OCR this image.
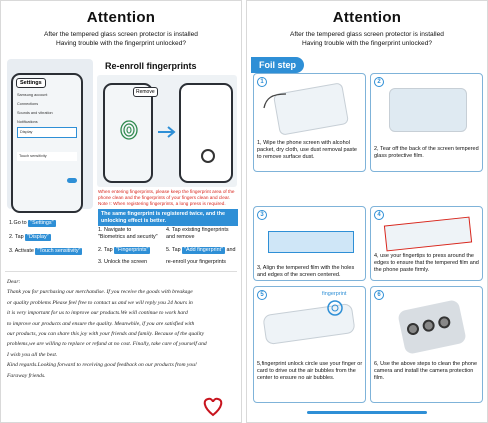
Attention
After the tempered glass screen protector is installed
Having trouble with the fingerprint unlocked?
Settings
Samsung account
Connections
Sounds and vibration
Notifications
Display
Touch sensitivity
Re-enroll fingerprints
Remove
When entering fingerprints, please keep the fingerprint area of the phone clean and the fingerprints of your fingers clean and clear. Note !: When registering fingerprints, a long press is required.
The same fingerprint is registered twice, and the unlocking effect is better.
1.Go to "Settings"
2. Tap "Display"
3. Activate "Touch sensitivity"
1. Navigate to
"Biometrics and security"
2. Tap "Fingerprints"
3. Unlock the screen
4. Tap existing fingerprints
and remove
5. Tap "Add fingerprint" and
re-enroll your fingerprints
Dear:
Thank you for purchasing our merchandise. If you receive the goods with breakage
or quality problems Please feel free to contact us and we will reply you 24 hours in
it is very important for us to improve our products.We will continue to work hard
to improve our products and ensure the quality. Meanwhile, if you are satisfied with
our products, you can share this joy with your friends and family. Because of the quality
problems,we are willing to replace or refund at no cost. Finally, take care of yourself and
I wish you all the best.
Kind regards.Looking forward to receiving good feedback on our products from you!
Faraway friends.
Attention
After the tempered glass screen protector is installed
Having trouble with the fingerprint unlocked?
Foil step
1
1, Wipe the phone screen with alcohol packet, dry cloth, use dust removal paste to remove surface dust.
2
2, Tear off the back of the screen tempered glass protective film.
3
3, Align the tempered film with the holes and edges of the screen centered.
4
4, use your fingertips to press around the edges to ensure that the tempered film and the phone paste firmly.
5	fingerprint
5,fingerprint unlock circle use your finger or card to drive out the air bubbles from the center to ensure no air bubbles.
6
6, Use the above steps to clean the phone camera and install the camera protection film.
